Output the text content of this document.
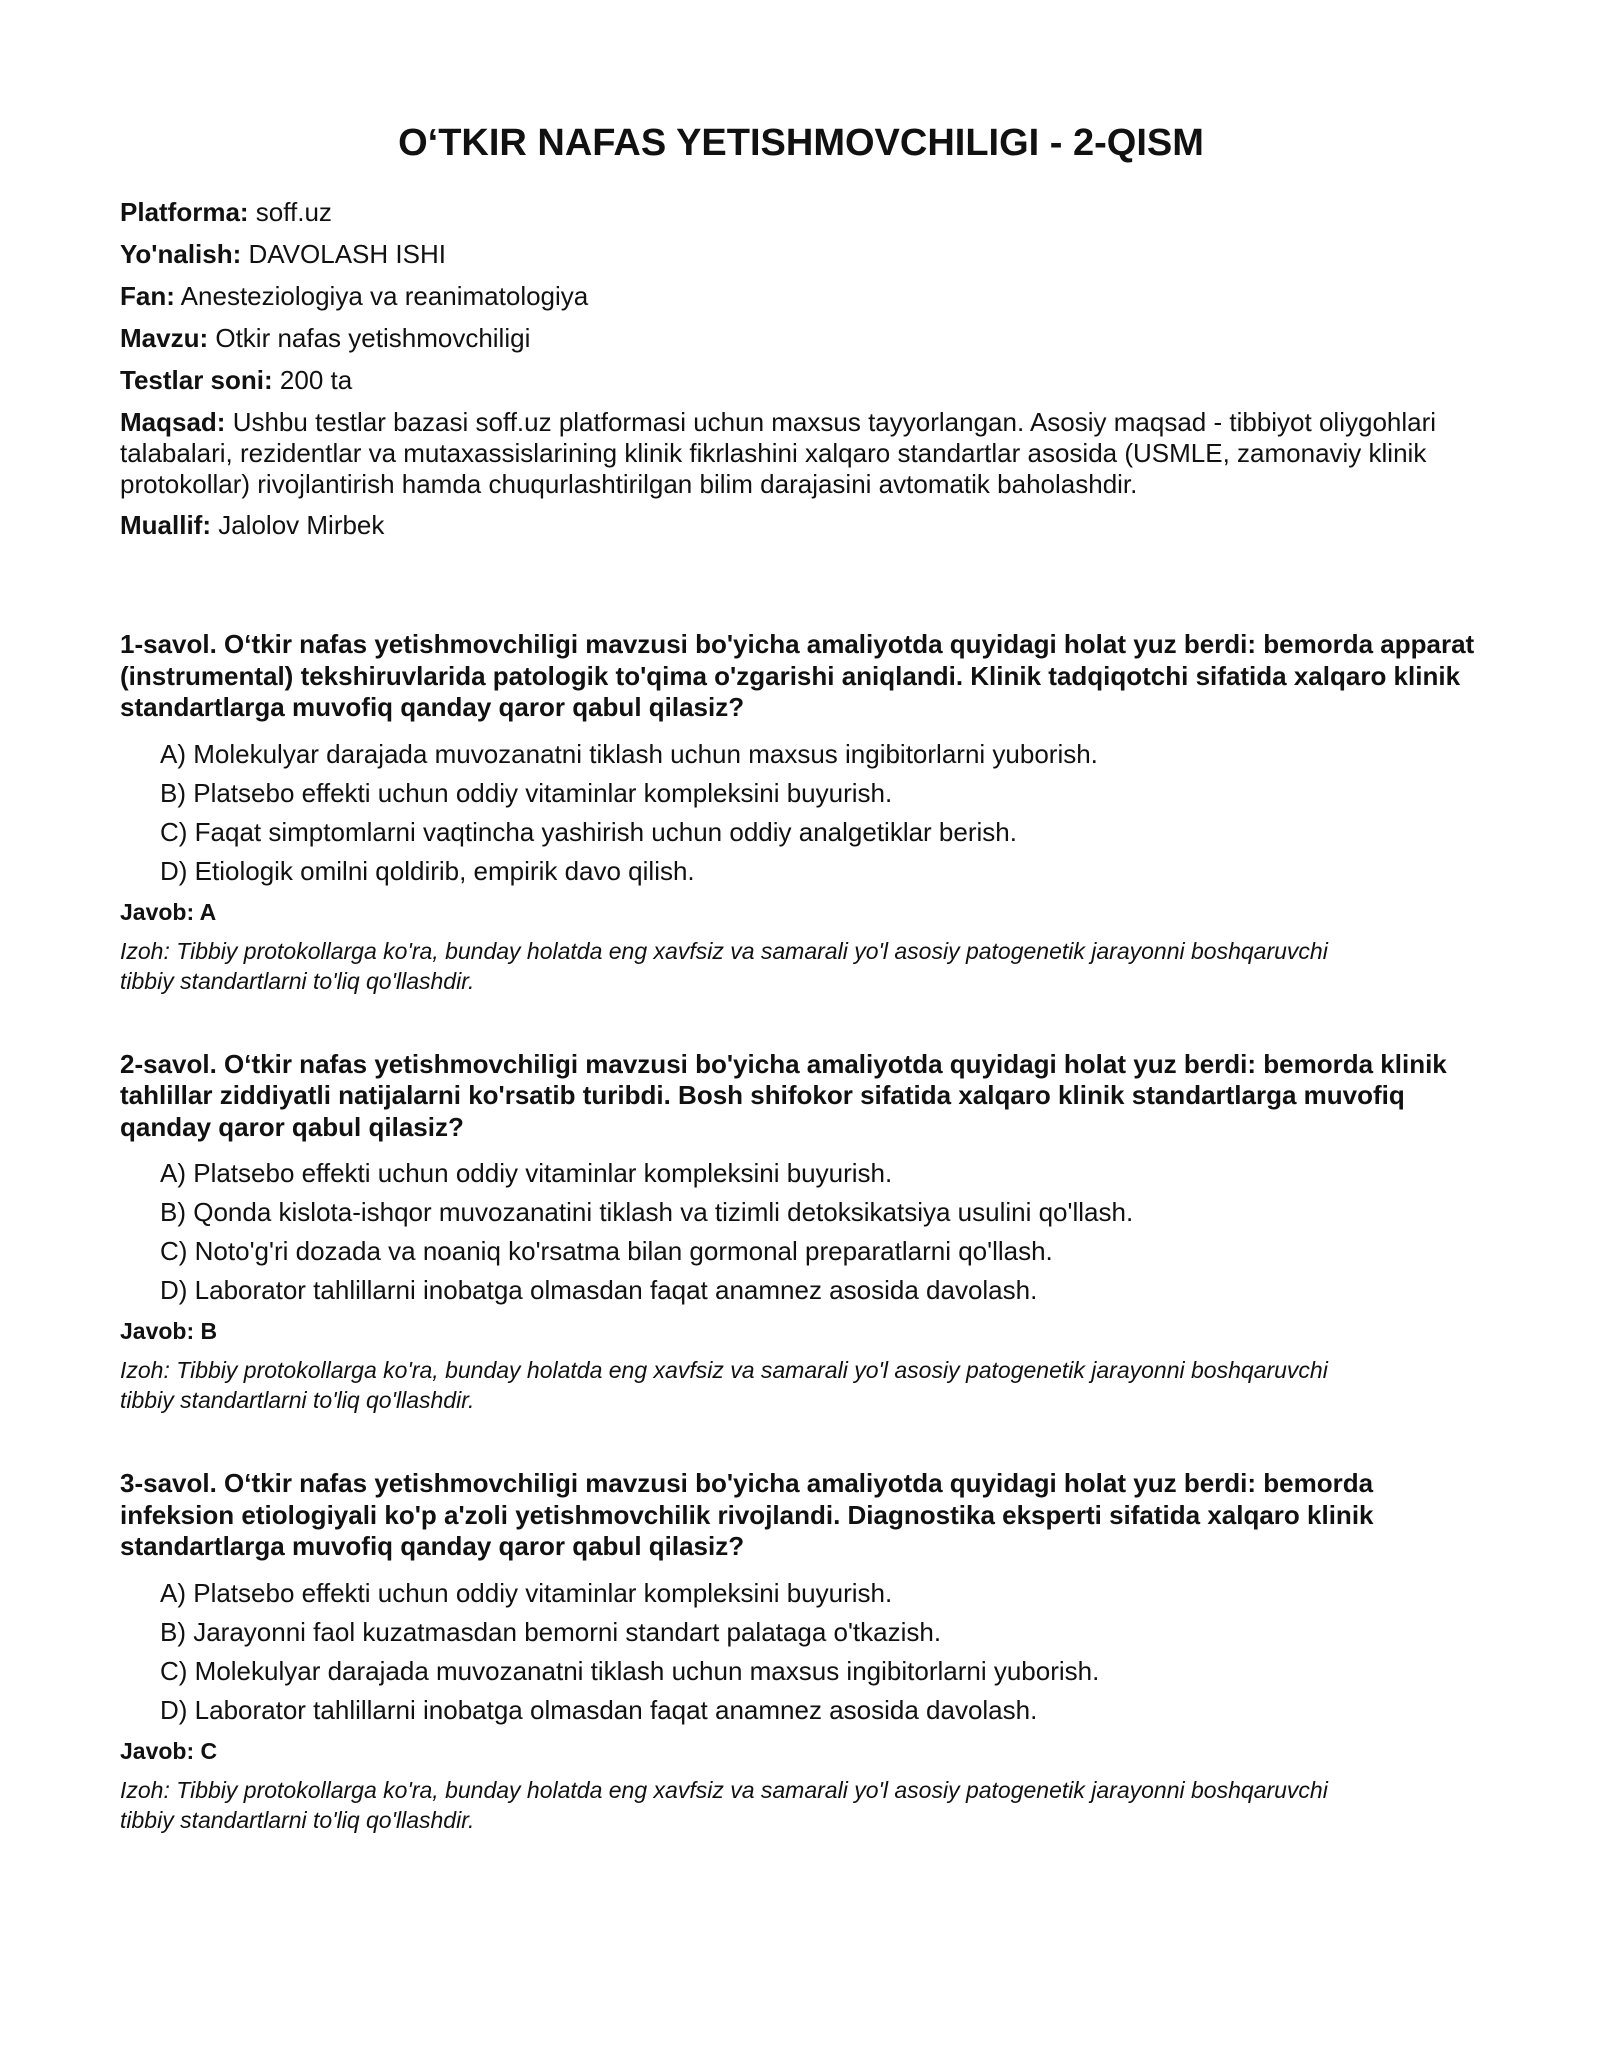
O‘TKIR NAFAS YETISHMOVCHILIGI - 2-QISM

Platforma: soff.uz

Yo'nalish: DAVOLASH ISHI

Fan: Anesteziologiya va reanimatologiya

Mavzu: Otkir nafas yetishmovchiligi

Testlar soni: 200 ta

Maqsad: Ushbu testlar bazasi soff.uz platformasi uchun maxsus tayyorlangan. Asosiy maqsad - tibbiyot oliygohlari talabalari, rezidentlar va mutaxassislarining klinik fikrlashini xalqaro standartlar asosida (USMLE, zamonaviy klinik protokollar) rivojlantirish hamda chuqurlashtirilgan bilim darajasini avtomatik baholashdir.

Muallif: Jalolov Mirbek

1-savol. O‘tkir nafas yetishmovchiligi mavzusi bo'yicha amaliyotda quyidagi holat yuz berdi: bemorda apparat (instrumental) tekshiruvlarida patologik to'qima o'zgarishi aniqlandi. Klinik tadqiqotchi sifatida xalqaro klinik standartlarga muvofiq qanday qaror qabul qilasiz?

A) Molekulyar darajada muvozanatni tiklash uchun maxsus ingibitorlarni yuborish.

B) Platsebo effekti uchun oddiy vitaminlar kompleksini buyurish.

C) Faqat simptomlarni vaqtincha yashirish uchun oddiy analgetiklar berish.

D) Etiologik omilni qoldirib, empirik davo qilish.

Javob: A

Izoh: Tibbiy protokollarga ko'ra, bunday holatda eng xavfsiz va samarali yo'l asosiy patogenetik jarayonni boshqaruvchi tibbiy standartlarni to'liq qo'llashdir.

2-savol. O‘tkir nafas yetishmovchiligi mavzusi bo'yicha amaliyotda quyidagi holat yuz berdi: bemorda klinik tahlillar ziddiyatli natijalarni ko'rsatib turibdi. Bosh shifokor sifatida xalqaro klinik standartlarga muvofiq qanday qaror qabul qilasiz?

A) Platsebo effekti uchun oddiy vitaminlar kompleksini buyurish.

B) Qonda kislota-ishqor muvozanatini tiklash va tizimli detoksikatsiya usulini qo'llash.

C) Noto'g'ri dozada va noaniq ko'rsatma bilan gormonal preparatlarni qo'llash.

D) Laborator tahlillarni inobatga olmasdan faqat anamnez asosida davolash.

Javob: B

Izoh: Tibbiy protokollarga ko'ra, bunday holatda eng xavfsiz va samarali yo'l asosiy patogenetik jarayonni boshqaruvchi tibbiy standartlarni to'liq qo'llashdir.

3-savol. O‘tkir nafas yetishmovchiligi mavzusi bo'yicha amaliyotda quyidagi holat yuz berdi: bemorda infeksion etiologiyali ko'p a'zoli yetishmovchilik rivojlandi. Diagnostika eksperti sifatida xalqaro klinik standartlarga muvofiq qanday qaror qabul qilasiz?

A) Platsebo effekti uchun oddiy vitaminlar kompleksini buyurish.

B) Jarayonni faol kuzatmasdan bemorni standart palataga o'tkazish.

C) Molekulyar darajada muvozanatni tiklash uchun maxsus ingibitorlarni yuborish.

D) Laborator tahlillarni inobatga olmasdan faqat anamnez asosida davolash.

Javob: C

Izoh: Tibbiy protokollarga ko'ra, bunday holatda eng xavfsiz va samarali yo'l asosiy patogenetik jarayonni boshqaruvchi tibbiy standartlarni to'liq qo'llashdir.
